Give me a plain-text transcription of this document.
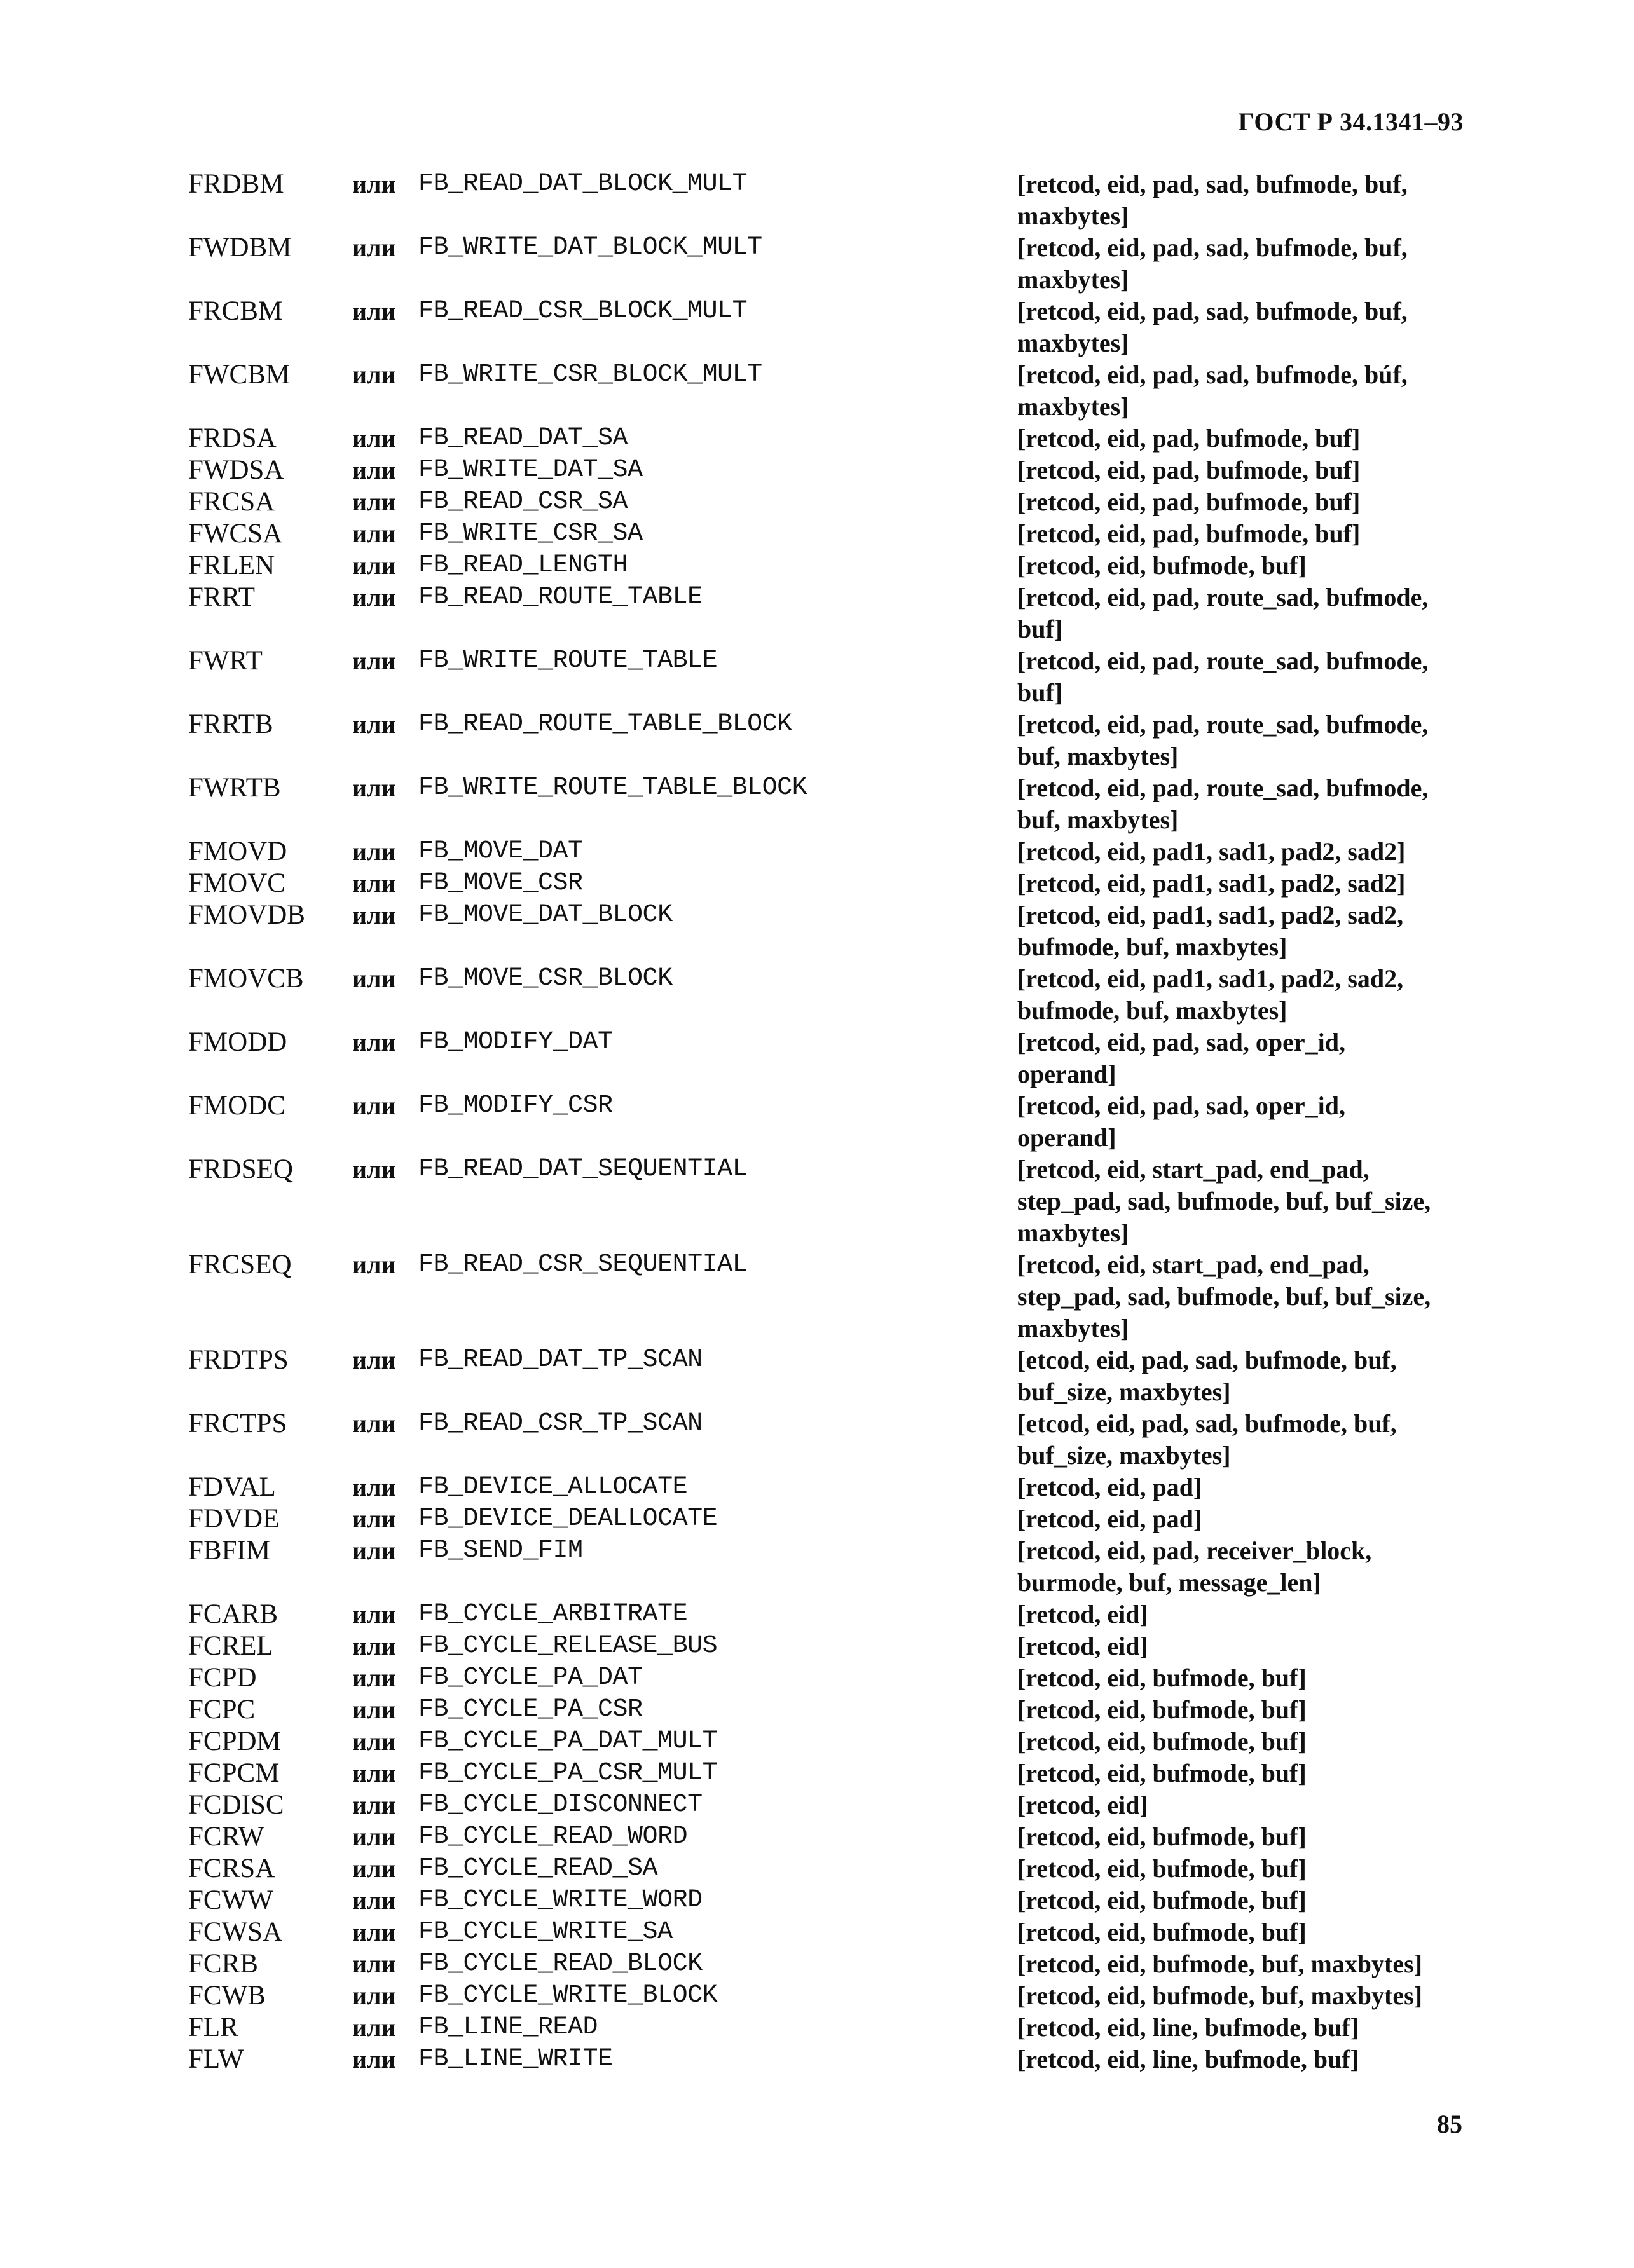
ГОСТ Р 34.1341–93
FRDBM	или FB_READ_DAT_BLOCK_MULT	[retcod, eid, pad, sad, bufmode, buf,
maxbytes]
FWDBM или FB_WRITE_DAT_BLOCK_MULT	[retcod, eid, pad, sad, bufmode, buf,
maxbytes]
FRCBM	или FB_READ_CSR_BLOCK_MULT	[retcod, eid, pad, sad, bufmode, buf,
maxbytes]
FWCBM или FB_WRITE_CSR_BLOCK_MULT	[retcod, eid, pad, sad, bufmode, búf,
maxbytes]
FRDSA	или FB_READ_DAT_SA	[retcod, eid, pad, bufmode, buf]
FWDSA	или FB_WRITE_DAT_SA	[retcod, eid, pad, bufmode, buf]
FRCSA	или FB_READ_CSR_SA	[retcod, eid, pad, bufmode, buf]
FWCSA	или FB_WRITE_CSR_SA	[retcod, eid, pad, bufmode, buf]
FRLEN	или FB_READ_LENGTH	[retcod, eid, bufmode, buf]
FRRT	или FB_READ_ROUTE_TABLE	[retcod, eid, pad, route_sad, bufmode,
buf]
FWRT	или FB_WRITE_ROUTE_TABLE	[retcod, eid, pad, route_sad, bufmode,
buf]
FRRTB	или FB_READ_ROUTE_TABLE_BLOCK	[retcod, eid, pad, route_sad, bufmode,
buf, maxbytes]
FWRTB	или FB_WRITE_ROUTE_TABLE_BLOCK	[retcod, eid, pad, route_sad, bufmode,
buf, maxbytes]
FMOVD	или FB_MOVE_DAT	[retcod, eid, pad1, sad1, pad2, sad2]
FMOVC	или FB_MOVE_CSR	[retcod, eid, pad1, sad1, pad2, sad2]
FMOVDB или FB_MOVE_DAT_BLOCK	[retcod, eid, pad1, sad1, pad2, sad2,
bufmode, buf, maxbytes]
FMOVCB или FB_MOVE_CSR_BLOCK	[retcod, eid, pad1, sad1, pad2, sad2,
bufmode, buf, maxbytes]
FMODD	или FB_MODIFY_DAT	[retcod, eid, pad, sad, oper_id,
operand]
FMODC	или FB_MODIFY_CSR	[retcod, eid, pad, sad, oper_id,
operand]
FRDSEQ или FB_READ_DAT_SEQUENTIAL	[retcod, eid, start_pad, end_pad,
step_pad, sad, bufmode, buf, buf_size,
maxbytes]
FRCSEQ или FB_READ_CSR_SEQUENTIAL	[retcod, eid, start_pad, end_pad,
step_pad, sad, bufmode, buf, buf_size,
maxbytes]
FRDTPS	или FB_READ_DAT_TP_SCAN	[etcod, eid, pad, sad, bufmode, buf,
buf_size, maxbytes]
FRCTPS	или FB_READ_CSR_TP_SCAN	[etcod, eid, pad, sad, bufmode, buf,
buf_size, maxbytes]
FDVAL	или FB_DEVICE_ALLOCATE	[retcod, eid, pad]
FDVDE	или FB_DEVICE_DEALLOCATE	[retcod, eid, pad]
FBFIM	или FB_SEND_FIM	[retcod, eid, pad, receiver_block,
burmode, buf, message_len]
FCARB	или FB_CYCLE_ARBITRATE	[retcod, eid]
FCREL	или FB_CYCLE_RELEASE_BUS	[retcod, eid]
FCPD	или FB_CYCLE_PA_DAT	[retcod, eid, bufmode, buf]
FCPC	или FB_CYCLE_PA_CSR	[retcod, eid, bufmode, buf]
FCPDM	или FB_CYCLE_PA_DAT_MULT	[retcod, eid, bufmode, buf]
FCPCM	или FB_CYCLE_PA_CSR_MULT	[retcod, eid, bufmode, buf]
FCDISC	или FB_CYCLE_DISCONNECT	[retcod, eid]
FCRW	или FB_CYCLE_READ_WORD	[retcod, eid, bufmode, buf]
FCRSA	или FB_CYCLE_READ_SA	[retcod, eid, bufmode, buf]
FCWW	или FB_CYCLE_WRITE_WORD	[retcod, eid, bufmode, buf]
FCWSA	или FB_CYCLE_WRITE_SA	[retcod, eid, bufmode, buf]
FCRB	или FB_CYCLE_READ_BLOCK	[retcod, eid, bufmode, buf, maxbytes]
FCWB	или FB_CYCLE_WRITE_BLOCK	[retcod, eid, bufmode, buf, maxbytes]
FLR	или FB_LINE_READ	[retcod, eid, line, bufmode, buf]
FLW	или FB_LINE_WRITE	[retcod, eid, line, bufmode, buf]
85
